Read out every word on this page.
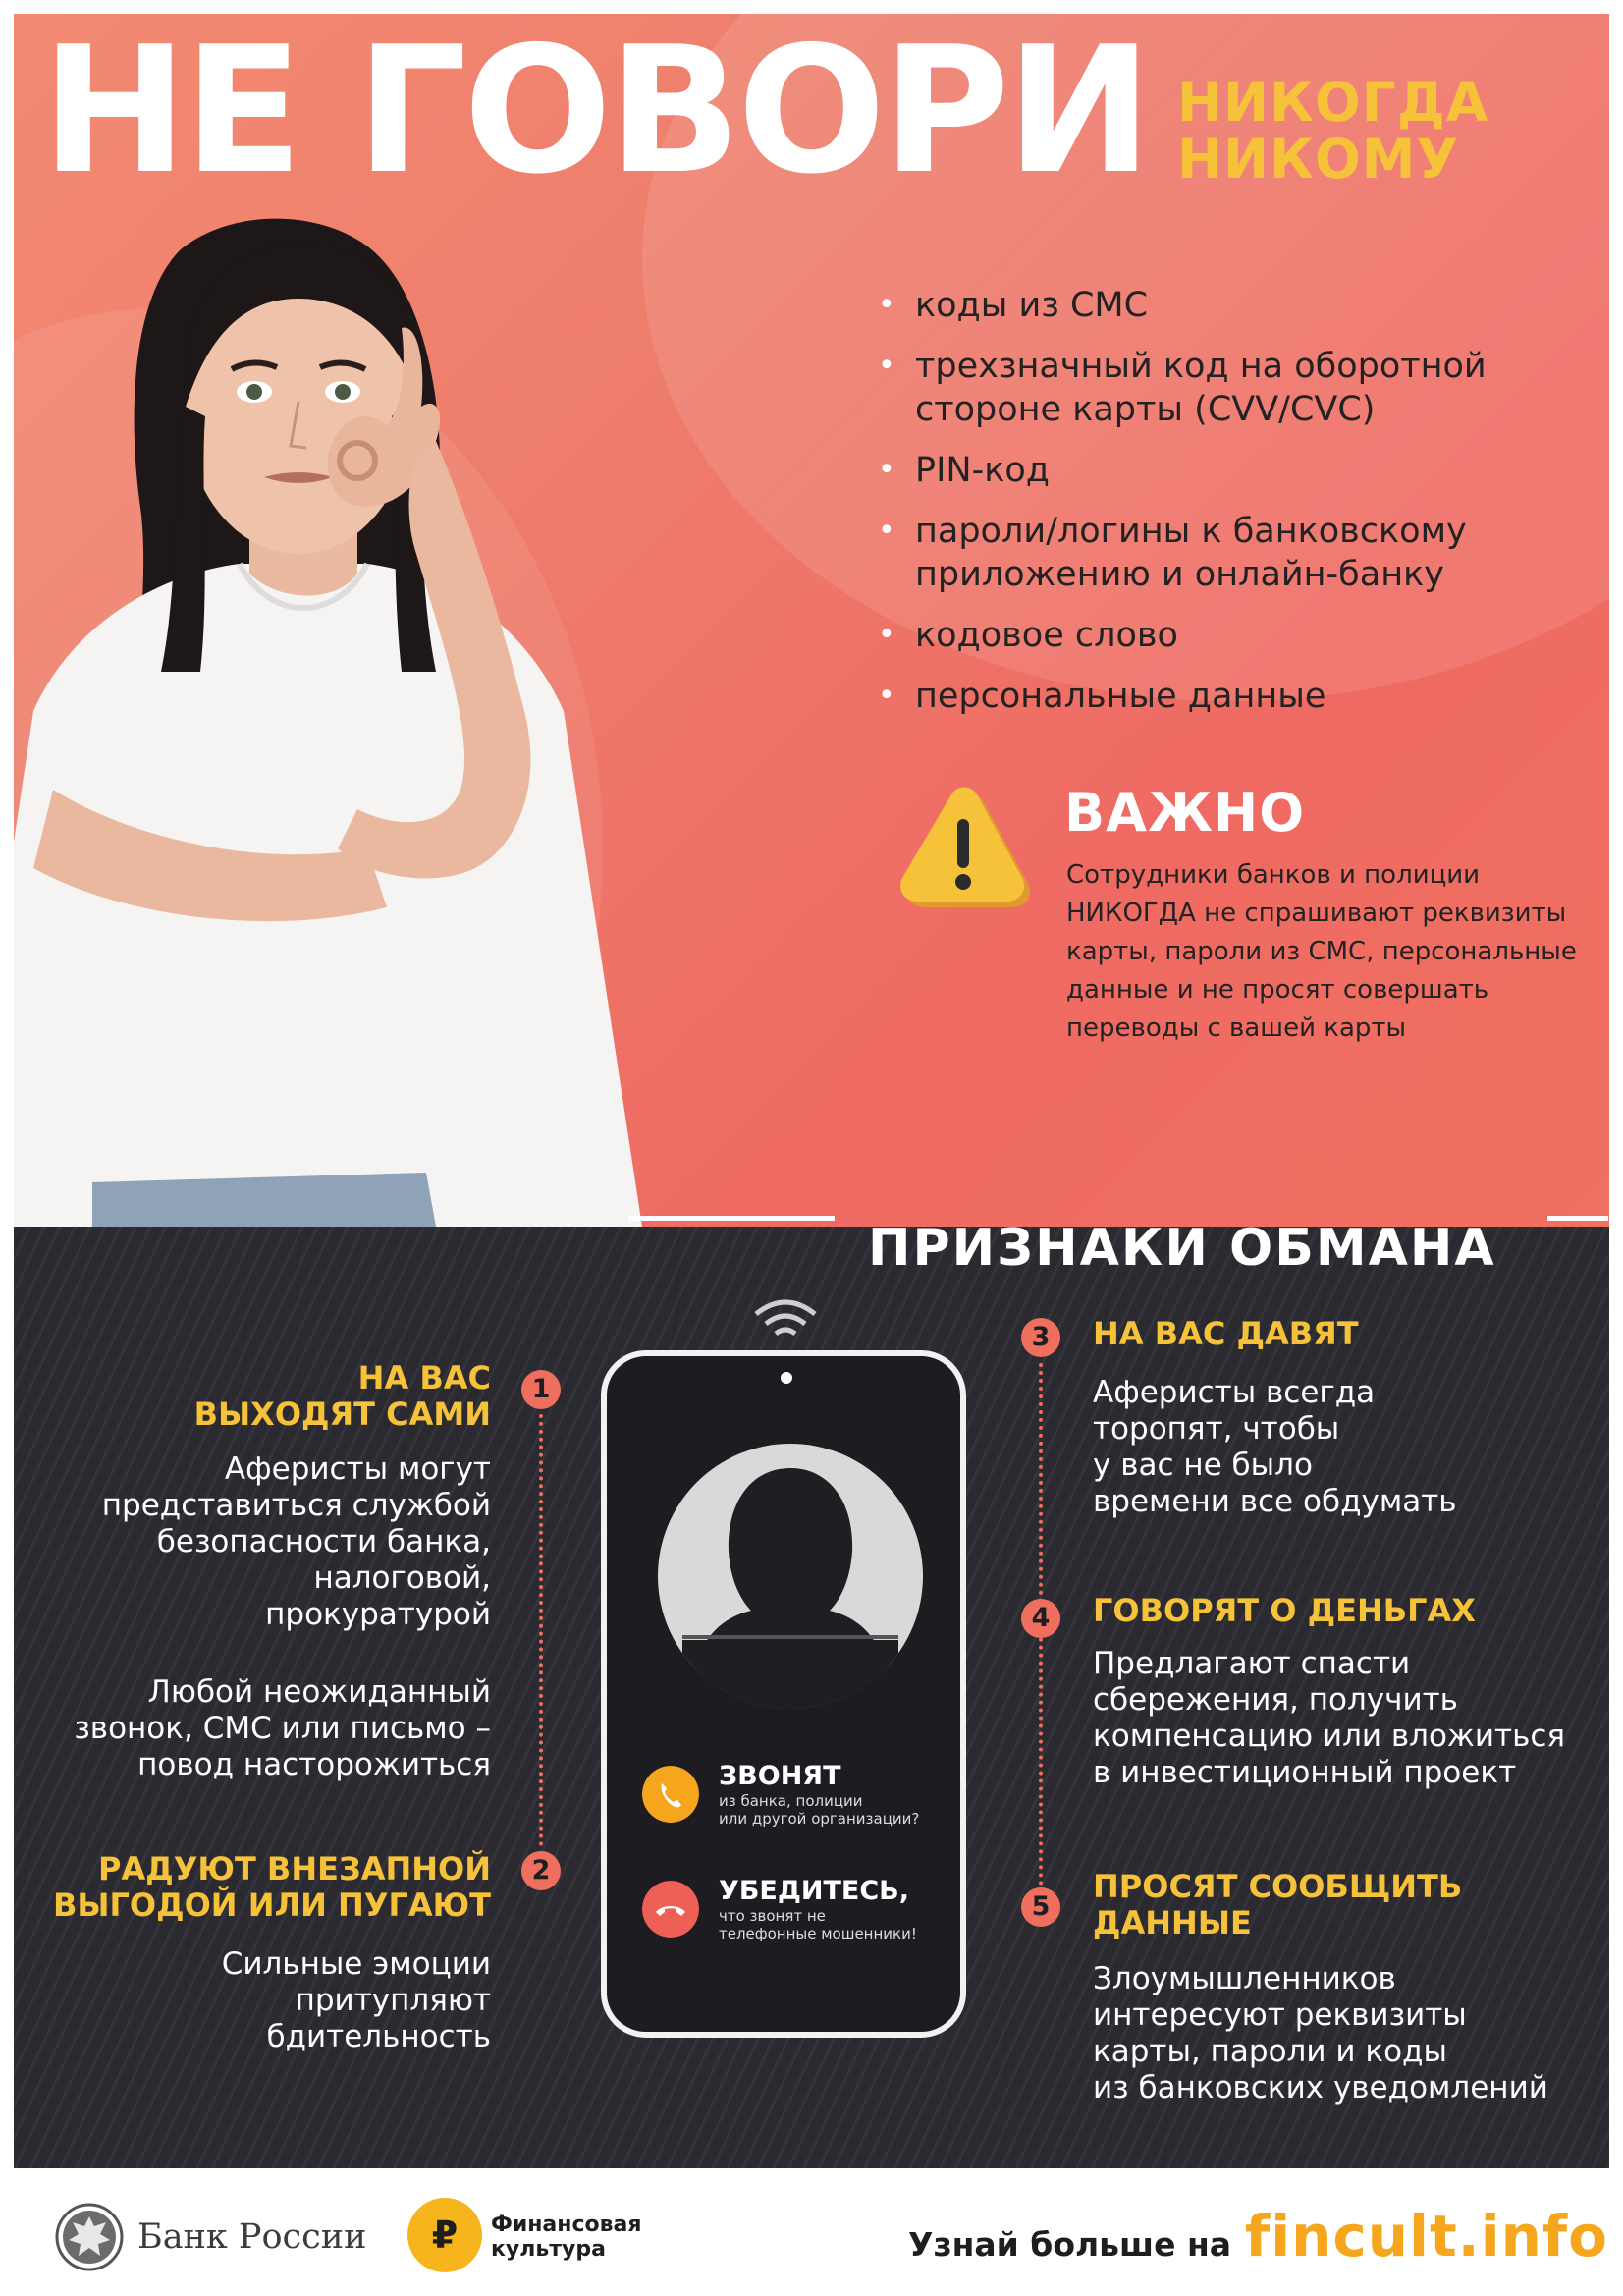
НЕ ГОВОРИ НИКОГДА
НИКОМУ
• коды из СМС
• трехзначный код на оборотной стороне карты (CVV/CVC)
• PIN-код
• пароли/логины к банковскому приложению и онлайн-банку
• кодовое слово
• персональные данные
ВАЖНО
Сотрудники банков и полиции НИКОГДА не спрашивают реквизиты карты, пароли из СМС, персональные данные и не просят совершать переводы с вашей карты
ПРИЗНАКИ ОБМАНА
НА ВАС
ВЫХОДЯТ САМИ
Аферисты могут
представиться службой
безопасности банка,
налоговой,
прокуратурой
Любой неожиданный
звонок, СМС или письмо –
повод насторожиться
1
РАДУЮТ ВНЕЗАПНОЙ
ВЫГОДОЙ ИЛИ ПУГАЮТ
Сильные эмоции
притупляют
бдительность
2
3	НА ВАС ДАВЯТ
Аферисты всегда
торопят, чтобы
у вас не было
времени все обдумать
4	ГОВОРЯТ О ДЕНЬГАХ
Предлагают спасти
сбережения, получить
компенсацию или вложиться
в инвестиционный проект
5
ПРОСЯТ СООБЩИТЬ
ДАННЫЕ
Злоумышленников
интересуют реквизиты
карты, пароли и коды
из банковских уведомлений
ЗВОНЯТ
из банка, полиции
или другой организации?
УБЕДИТЕСЬ,
что звонят не
телефонные мошенники!
Банк России	₽	Финансовая
культура	Узнай больше на fincult.info
